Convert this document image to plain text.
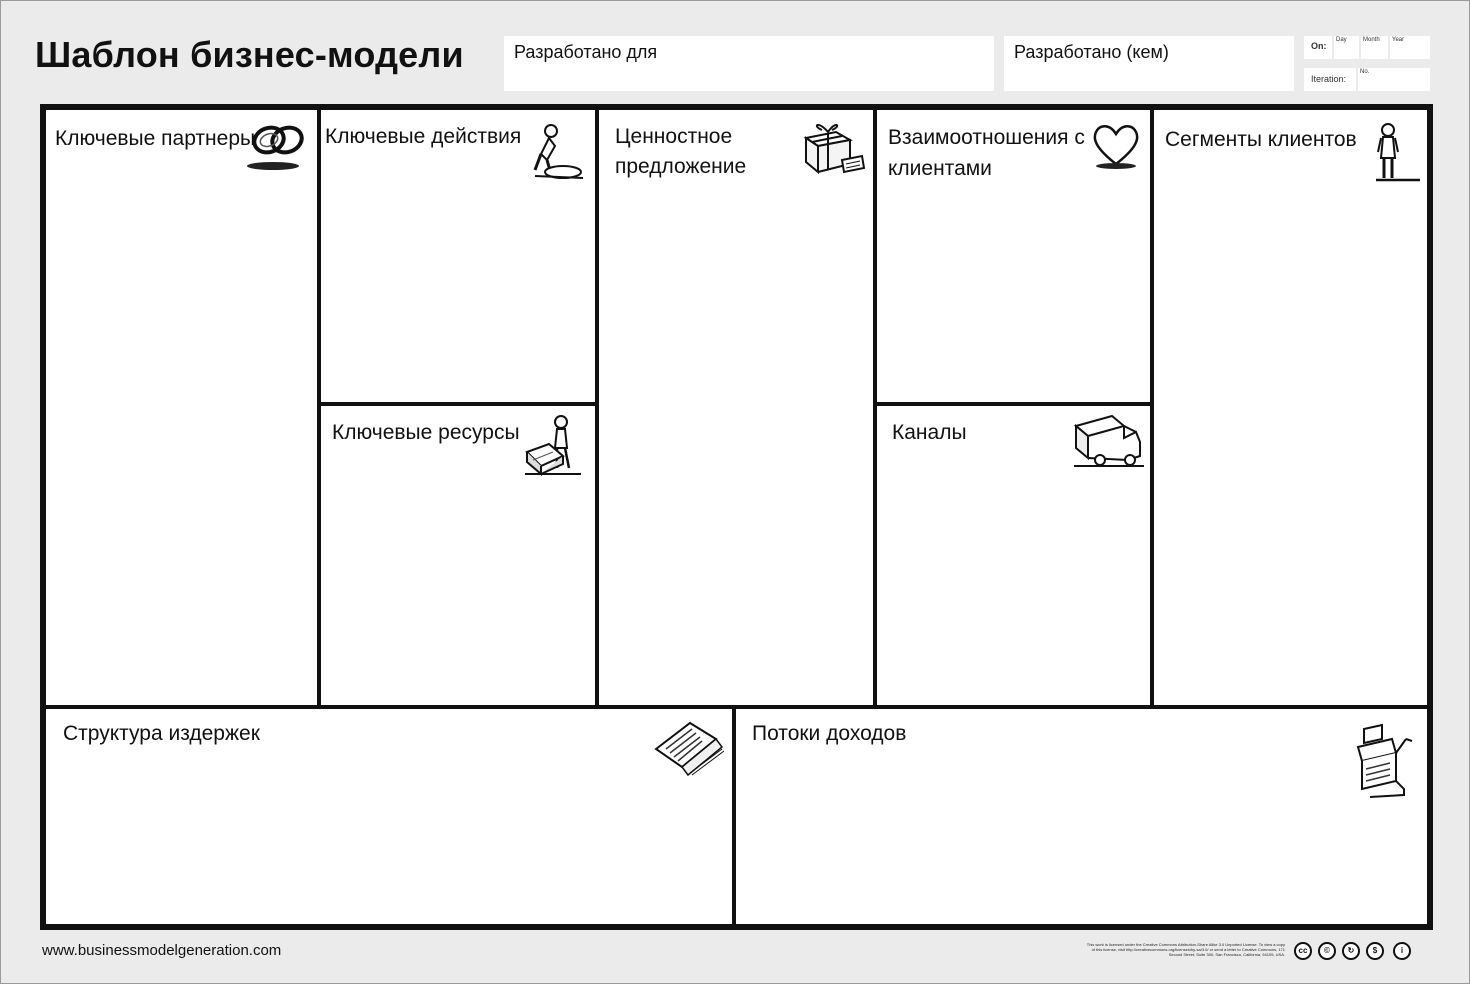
Шаблон бизнес-модели	Разработано для	Разработано (кем)	On:
Day	Month Year
Iteration:
No.
Ключевые партнеры	Ключевые действия
Ключевые ресурсы
Ценностное
предложение
Взаимоотношения с
клиентами
Каналы
Сегменты клиентов
Структура издержек	Потоки доходов
www.businessmodelgeneration.com	This work is licensed under the Creative Commons Attribution-Share Alike 3.0 Unported License. To view a copy of this license, visit http://creativecommons.org/licenses/by-sa/3.0/ or send a letter to Creative Commons, 171 Second Street, Suite 300, San Francisco, California, 94105, USA.	cc	©	↻	$	i
